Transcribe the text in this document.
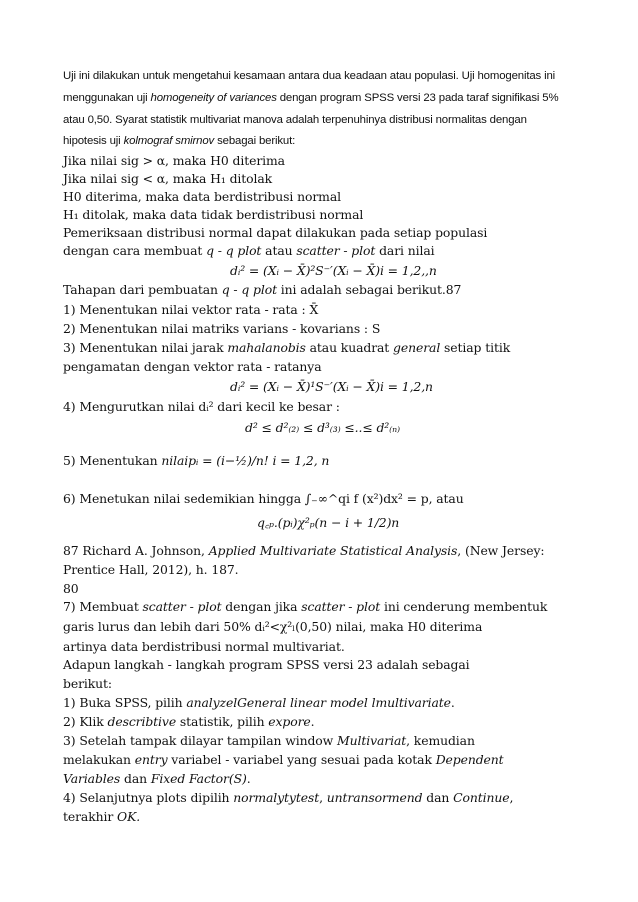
Uji ini dilakukan untuk mengetahui kesamaan antara dua keadaan atau populasi. Uji homogenitas ini

menggunakan uji homogeneity of variances dengan program SPSS versi 23 pada taraf signifikasi 5%

atau 0,50. Syarat statistik multivariat manova adalah terpenuhinya distribusi normalitas dengan

hipotesis uji kolmograf smirnov sebagai berikut:

Jika nilai sig > α, maka H0 diterima
Jika nilai sig < α, maka H₁ ditolak
H0 diterima, maka data berdistribusi normal
H₁ ditolak, maka data tidak berdistribusi normal
Pemeriksaan distribusi normal dapat dilakukan pada setiap populasi
dengan cara membuat q - q plot atau scatter - plot dari nilai
dᵢ² = (Xᵢ − X̄)²S⁻′(Xᵢ − X̄)i = 1,2,,n
Tahapan dari pembuatan q - q plot ini adalah sebagai berikut.87
1) Menentukan nilai vektor rata - rata : X̄
2) Menentukan nilai matriks varians - kovarians : S
3) Menentukan nilai jarak mahalanobis atau kuadrat general setiap titik
pengamatan dengan vektor rata - ratanya
dᵢ² = (Xᵢ − X̄)¹S⁻′(Xᵢ − X̄)i = 1,2,n
4) Mengurutkan nilai dᵢ² dari kecil ke besar :
d² ≤ d²₍₂₎ ≤ d³₍₃₎ ≤..≤ d²₍ₙ₎
5) Menentukan nilaipᵢ = (i−½)/n! i = 1,2, n
6) Menetukan nilai sedemikian hingga ∫₋∞^qi f (x²)dx² = p, atau
q꜀ₚ.(pᵢ)χ²ₚ(n − i + 1/2)n
87 Richard A. Johnson, Applied Multivariate Statistical Analysis, (New Jersey:
Prentice Hall, 2012), h. 187.
80
7) Membuat scatter - plot dengan jika scatter - plot ini cenderung membentuk
garis lurus dan lebih dari 50% dᵢ²<χ²ₗ(0,50) nilai, maka H0 diterima
artinya data berdistribusi normal multivariat.
Adapun langkah - langkah program SPSS versi 23 adalah sebagai
berikut:
1) Buka SPSS, pilih analyzelGeneral linear model lmultivariate.
2) Klik describtive statistik, pilih expore.
3) Setelah tampak dilayar tampilan window Multivariat, kemudian
melakukan entry variabel - variabel yang sesuai pada kotak Dependent
Variables dan Fixed Factor(S).
4) Selanjutnya plots dipilih normalytytest, untransormend dan Continue,
terakhir OK.
